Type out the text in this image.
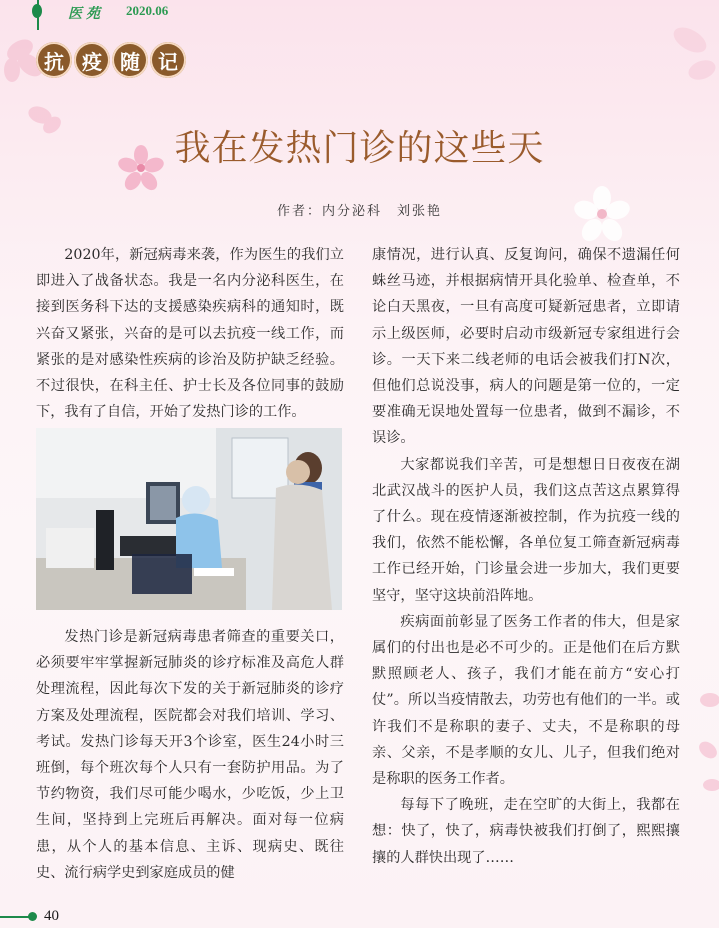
医苑 2020.06
抗 疫 随 记
我在发热门诊的这些天
作者：内分泌科　刘张艳

2020年，新冠病毒来袭，作为医生的我们立即进入了战备状态。我是一名内分泌科医生，在接到医务科下达的支援感染疾病科的通知时，既兴奋又紧张，兴奋的是可以去抗疫一线工作，而紧张的是对感染性疾病的诊治及防护缺乏经验。不过很快，在科主任、护士长及各位同事的鼓励下，我有了自信，开始了发热门诊的工作。

发热门诊是新冠病毒患者筛查的重要关口，必须要牢牢掌握新冠肺炎的诊疗标准及高危人群处理流程，因此每次下发的关于新冠肺炎的诊疗方案及处理流程，医院都会对我们培训、学习、考试。发热门诊每天开3个诊室，医生24小时三班倒，每个班次每个人只有一套防护用品。为了节约物资，我们尽可能少喝水，少吃饭，少上卫生间，坚持到上完班后再解决。面对每一位病患，从个人的基本信息、主诉、现病史、既往史、流行病学史到家庭成员的健

康情况，进行认真、反复询问，确保不遗漏任何蛛丝马迹，并根据病情开具化验单、检查单，不论白天黑夜，一旦有高度可疑新冠患者，立即请示上级医师，必要时启动市级新冠专家组进行会诊。一天下来二线老师的电话会被我们打N次，但他们总说没事，病人的问题是第一位的，一定要准确无误地处置每一位患者，做到不漏诊，不误诊。

大家都说我们辛苦，可是想想日日夜夜在湖北武汉战斗的医护人员，我们这点苦这点累算得了什么。现在疫情逐渐被控制，作为抗疫一线的我们，依然不能松懈，各单位复工筛查新冠病毒工作已经开始，门诊量会进一步加大，我们更要坚守，坚守这块前沿阵地。

疾病面前彰显了医务工作者的伟大，但是家属们的付出也是必不可少的。正是他们在后方默默照顾老人、孩子，我们才能在前方“安心打仗”。所以当疫情散去，功劳也有他们的一半。或许我们不是称职的妻子、丈夫，不是称职的母亲、父亲，不是孝顺的女儿、儿子，但我们绝对是称职的医务工作者。

每每下了晚班，走在空旷的大街上，我都在想：快了，快了，病毒快被我们打倒了，熙熙攘攘的人群快出现了……

40
